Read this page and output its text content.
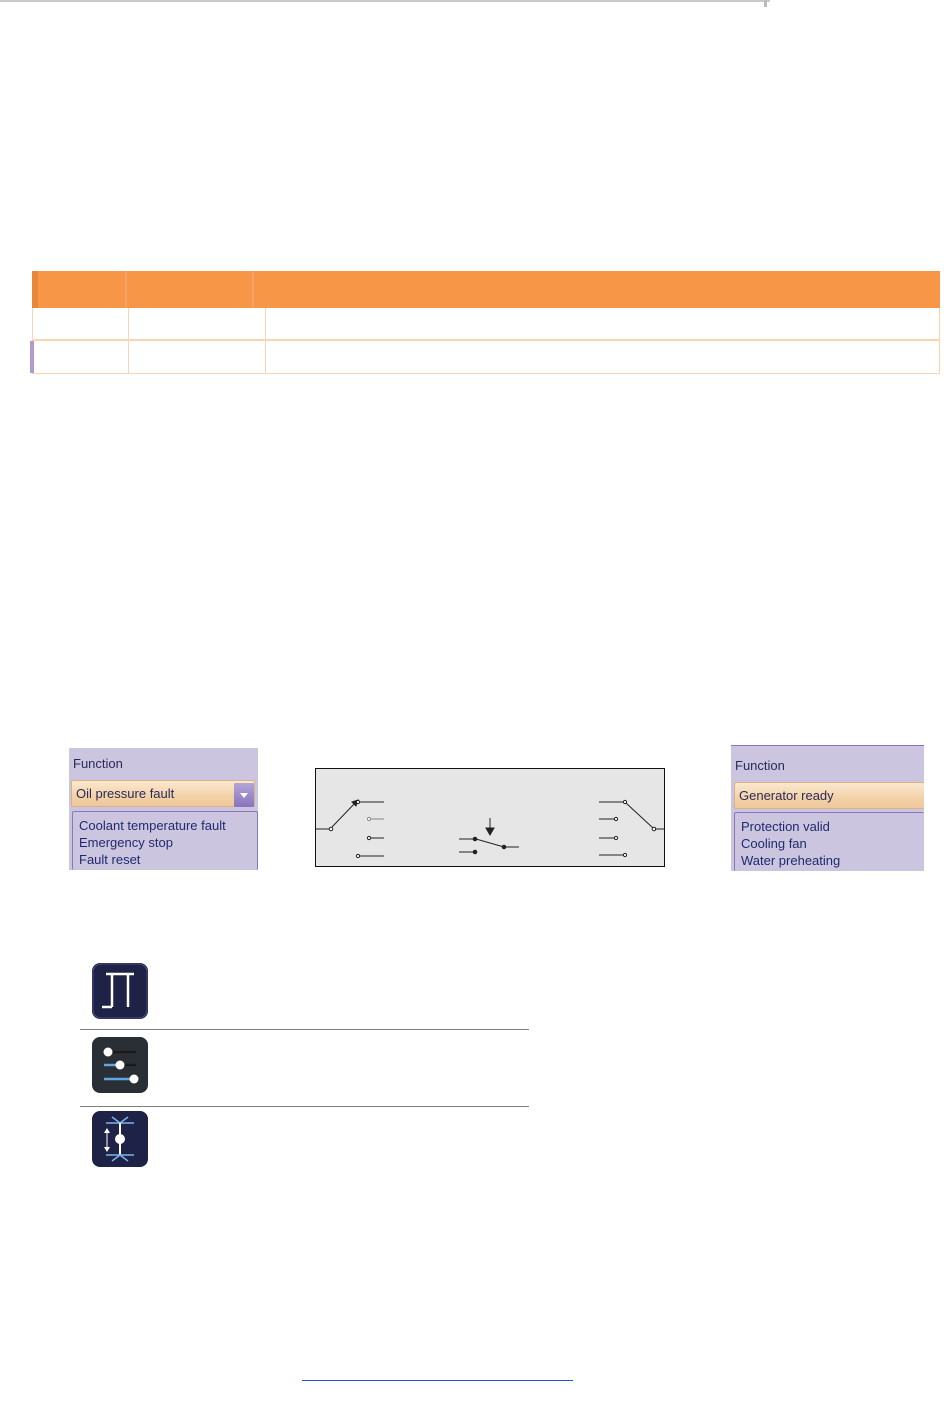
Function
Oil pressure fault
Coolant temperature fault
Emergency stop
Fault reset
Function
Generator ready
Protection valid
Cooling fan
Water preheating
